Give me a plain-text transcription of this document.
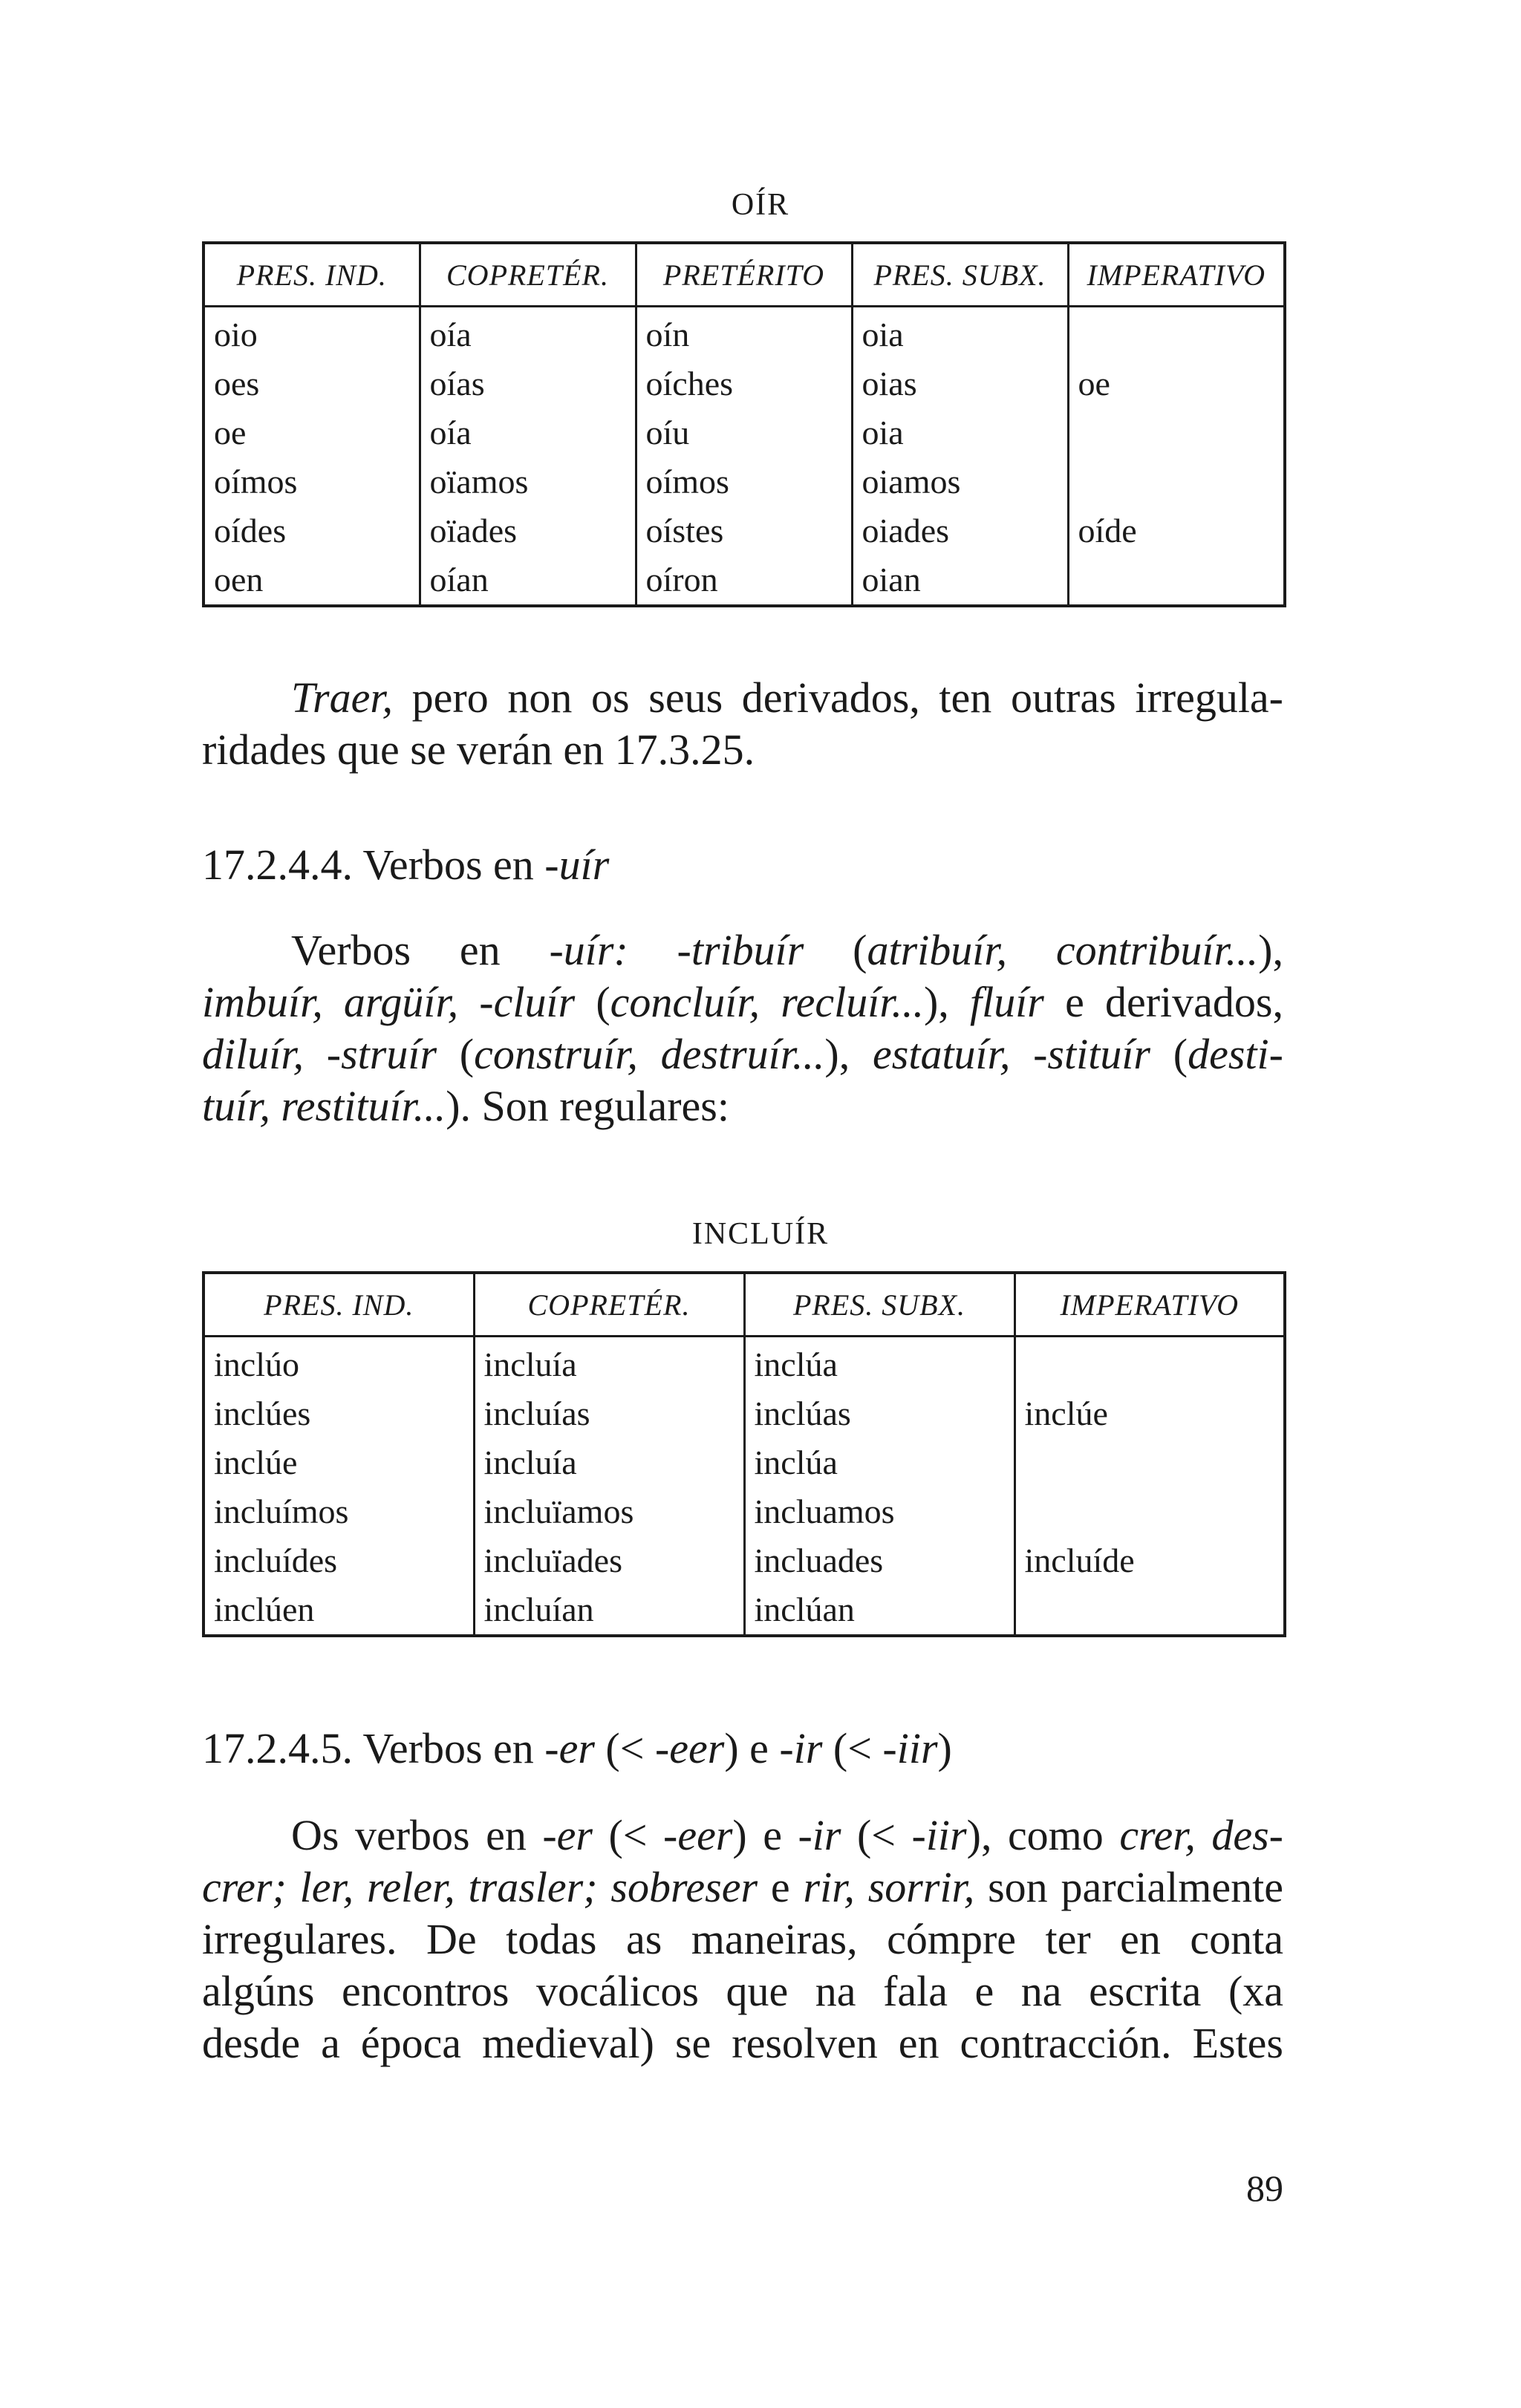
OÍR
PRES. IND.	COPRETÉR.	PRETÉRITO	PRES. SUBX.	IMPERATIVO
oio	oía	oín	oia	
oes	oías	oíches	oias	oe
oe	oía	oíu	oia	
oímos	oïamos	oímos	oiamos	
oídes	oïades	oístes	oiades	oíde
oen	oían	oíron	oian	
Traer, pero non os seus derivados, ten outras irregula-
ridades que se verán en 17.3.25.
17.2.4.4. Verbos en -uír
Verbos en -uír: -tribuír (atribuír, contribuír...),
imbuír, argüír, -cluír (concluír, recluír...), fluír e derivados,
diluír, -struír (construír, destruír...), estatuír, -stituír (desti-
tuír, restituír...). Son regulares:
INCLUÍR
PRES. IND.	COPRETÉR.	PRES. SUBX.	IMPERATIVO
inclúo	incluía	inclúa	
inclúes	incluías	inclúas	inclúe
inclúe	incluía	inclúa	
incluímos	incluïamos	incluamos	
incluídes	incluïades	incluades	incluíde
inclúen	incluían	inclúan	
17.2.4.5. Verbos en -er (< -eer) e -ir (< -iir)
Os verbos en -er (< -eer) e -ir (< -iir), como crer, des-
crer; ler, reler, trasler; sobreser e rir, sorrir, son parcialmente
irregulares. De todas as maneiras, cómpre ter en conta
algúns encontros vocálicos que na fala e na escrita (xa
desde a época medieval) se resolven en contracción. Estes
89
